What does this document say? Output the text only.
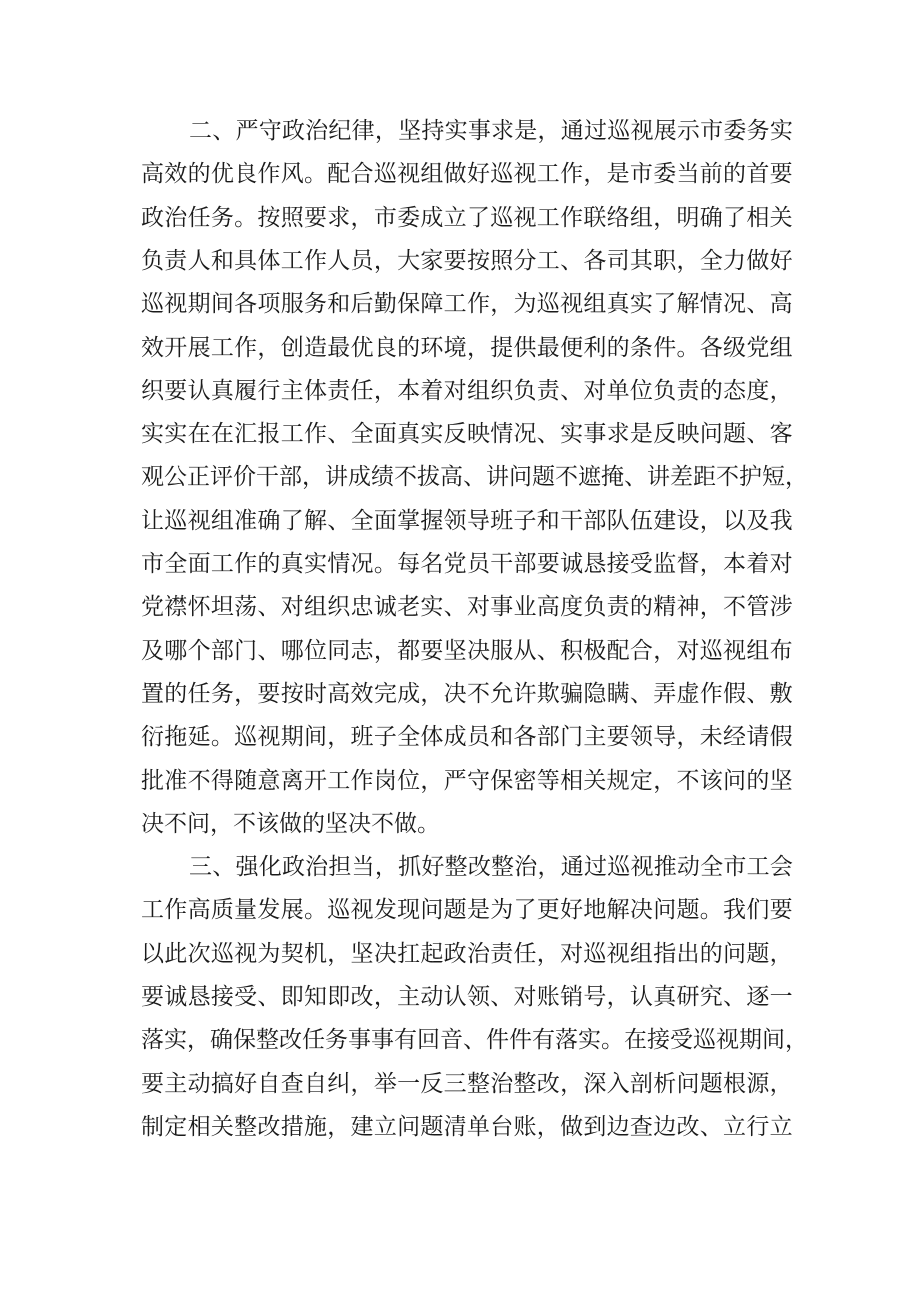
二 、 严 守 政 治 纪 律 ， 坚 持 实 事 求 是 ， 通 过 巡 视 展 示 市 委 务 实
高 效 的 优 良 作 风 。 配 合 巡 视 组 做 好 巡 视 工 作 ， 是 市 委 当 前 的 首 要
政 治 任 务 。 按 照 要 求 ， 市 委 成 立 了 巡 视 工 作 联 络 组 ， 明 确 了 相 关
负 责 人 和 具 体 工 作 人 员 ， 大 家 要 按 照 分 工 、 各 司 其 职 ， 全 力 做 好
巡 视 期 间 各 项 服 务 和 后 勤 保 障 工 作 ， 为 巡 视 组 真 实 了 解 情 况 、 高
效 开 展 工 作 ， 创 造 最 优 良 的 环 境 ， 提 供 最 便 利 的 条 件 。 各 级 党 组
织 要 认 真 履 行 主 体 责 任 ， 本 着 对 组 织 负 责 、 对 单 位 负 责 的 态 度 ，
实 实 在 在 汇 报 工 作 、 全 面 真 实 反 映 情 况 、 实 事 求 是 反 映 问 题 、 客
观 公 正 评 价 干 部 ， 讲 成 绩 不 拔 高 、 讲 问 题 不 遮 掩 、 讲 差 距 不 护 短 ，
让 巡 视 组 准 确 了 解 、 全 面 掌 握 领 导 班 子 和 干 部 队 伍 建 设 ， 以 及 我
市 全 面 工 作 的 真 实 情 况 。 每 名 党 员 干 部 要 诚 恳 接 受 监 督 ， 本 着 对
党 襟 怀 坦 荡 、 对 组 织 忠 诚 老 实 、 对 事 业 高 度 负 责 的 精 神 ， 不 管 涉
及 哪 个 部 门 、 哪 位 同 志 ， 都 要 坚 决 服 从 、 积 极 配 合 ， 对 巡 视 组 布
置 的 任 务 ， 要 按 时 高 效 完 成 ， 决 不 允 许 欺 骗 隐 瞒 、 弄 虚 作 假 、 敷
衍 拖 延 。 巡 视 期 间 ， 班 子 全 体 成 员 和 各 部 门 主 要 领 导 ， 未 经 请 假
批 准 不 得 随 意 离 开 工 作 岗 位 ， 严 守 保 密 等 相 关 规 定 ， 不 该 问 的 坚
决 不 问 ， 不 该 做 的 坚 决 不 做 。
三 、 强 化 政 治 担 当 ， 抓 好 整 改 整 治 ， 通 过 巡 视 推 动 全 市 工 会
工 作 高 质 量 发 展 。 巡 视 发 现 问 题 是 为 了 更 好 地 解 决 问 题 。 我 们 要
以 此 次 巡 视 为 契 机 ， 坚 决 扛 起 政 治 责 任 ， 对 巡 视 组 指 出 的 问 题 ，
要 诚 恳 接 受 、 即 知 即 改 ， 主 动 认 领 、 对 账 销 号 ， 认 真 研 究 、 逐 一
落 实 ， 确 保 整 改 任 务 事 事 有 回 音 、 件 件 有 落 实 。 在 接 受 巡 视 期 间 ，
要 主 动 搞 好 自 查 自 纠 ， 举 一 反 三 整 治 整 改 ， 深 入 剖 析 问 题 根 源 ，
制 定 相 关 整 改 措 施 ， 建 立 问 题 清 单 台 账 ， 做 到 边 查 边 改 、 立 行 立
